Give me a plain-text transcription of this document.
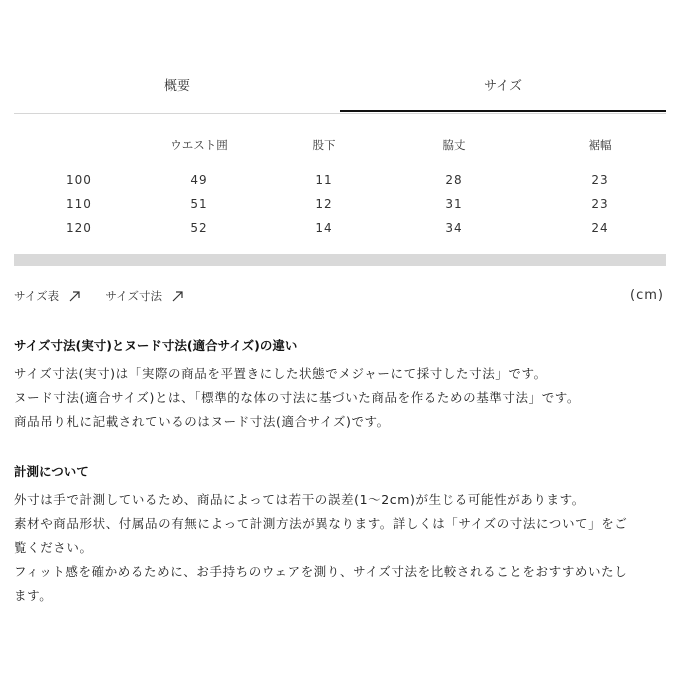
概要	サイズ
	ウエスト囲	股下	脇丈	裾幅

100	49	11	28	23
110	51	12	31	23
120	52	14	34	24
サイズ表	サイズ寸法	(cm)
サイズ寸法(実寸)とヌード寸法(適合サイズ)の違い

サイズ寸法(実寸)は「実際の商品を平置きにした状態でメジャーにて採寸した寸法」です。

ヌード寸法(適合サイズ)とは、「標準的な体の寸法に基づいた商品を作るための基準寸法」です。

商品吊り札に記載されているのはヌード寸法(適合サイズ)です。

計測について

外寸は手で計測しているため、商品によっては若干の誤差(1〜2cm)が生じる可能性があります。

素材や商品形状、付属品の有無によって計測方法が異なります。詳しくは「サイズの寸法について」をご

覧ください。

フィット感を確かめるために、お手持ちのウェアを測り、サイズ寸法を比較されることをおすすめいたし

ます。
